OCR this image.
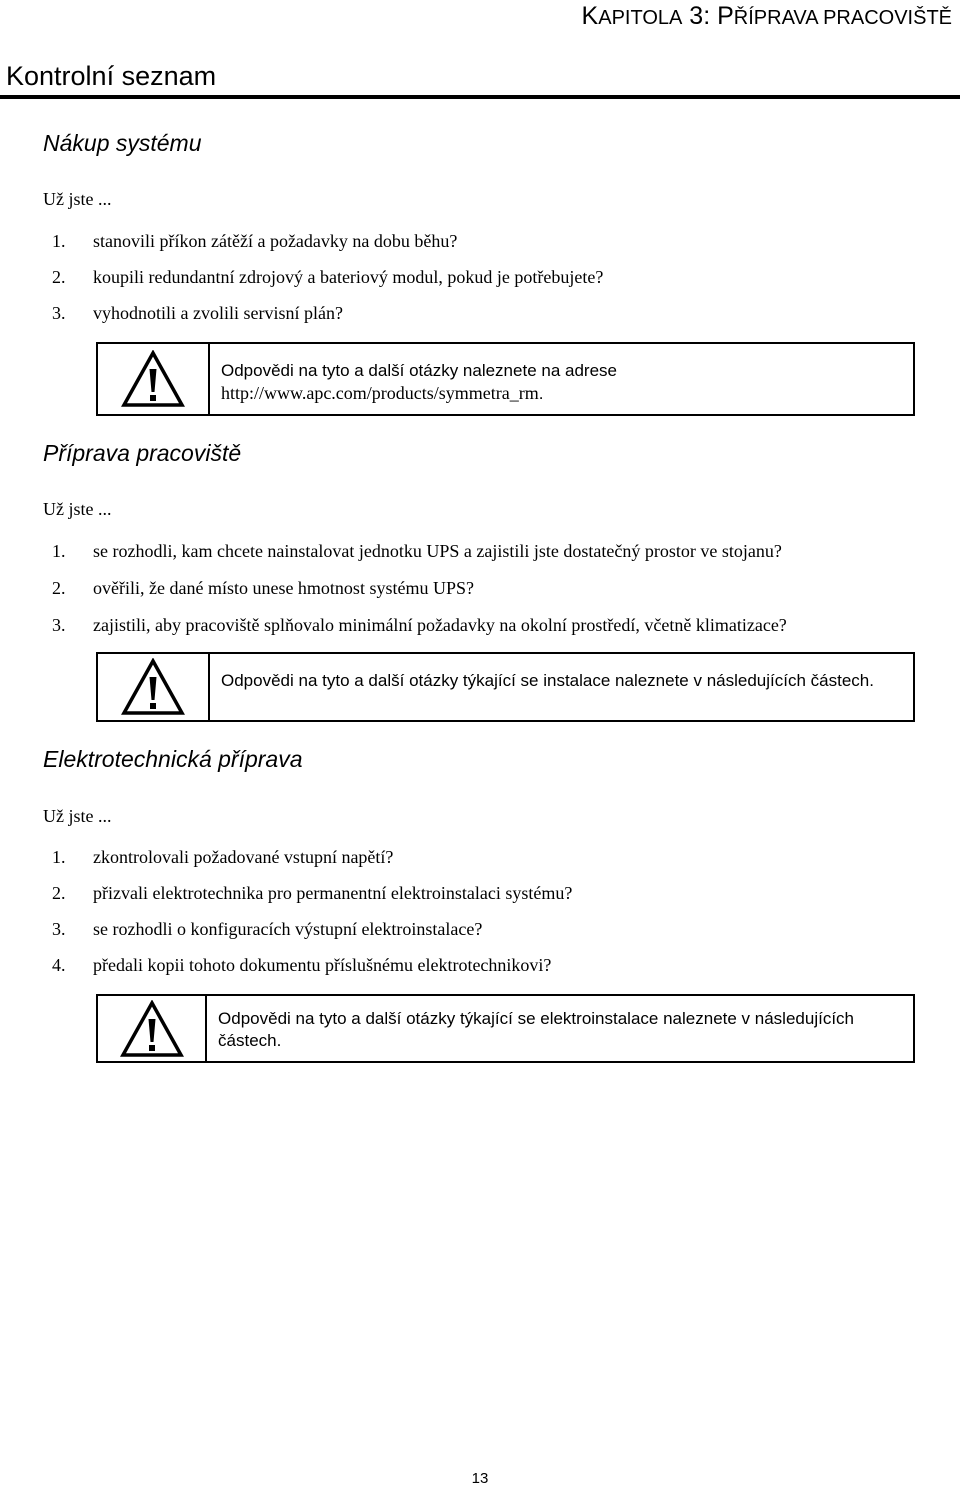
KAPITOLA 3: PŘÍPRAVA PRACOVIŠTĚ
Kontrolní seznam
Nákup systému
Už jste ...
1.	stanovili příkon zátěží a požadavky na dobu běhu?
2.	koupili redundantní zdrojový a bateriový modul, pokud je potřebujete?
3.	vyhodnotili a zvolili servisní plán?
Odpovědi na tyto a další otázky naleznete na adrese
http://www.apc.com/products/symmetra_rm.
Příprava pracoviště
Už jste ...
1.	se rozhodli, kam chcete nainstalovat jednotku UPS a zajistili jste dostatečný prostor ve stojanu?
2.	ověřili, že dané místo unese hmotnost systému UPS?
3.	zajistili, aby pracoviště splňovalo minimální požadavky na okolní prostředí, včetně klimatizace?
Odpovědi na tyto a další otázky týkající se instalace naleznete v následujících částech.
Elektrotechnická příprava
Už jste ...
1.	zkontrolovali požadované vstupní napětí?
2.	přizvali elektrotechnika pro permanentní elektroinstalaci systému?
3.	se rozhodli o konfiguracích výstupní elektroinstalace?
4.	předali kopii tohoto dokumentu příslušnému elektrotechnikovi?
Odpovědi na tyto a další otázky týkající se elektroinstalace naleznete v následujících částech.
13
